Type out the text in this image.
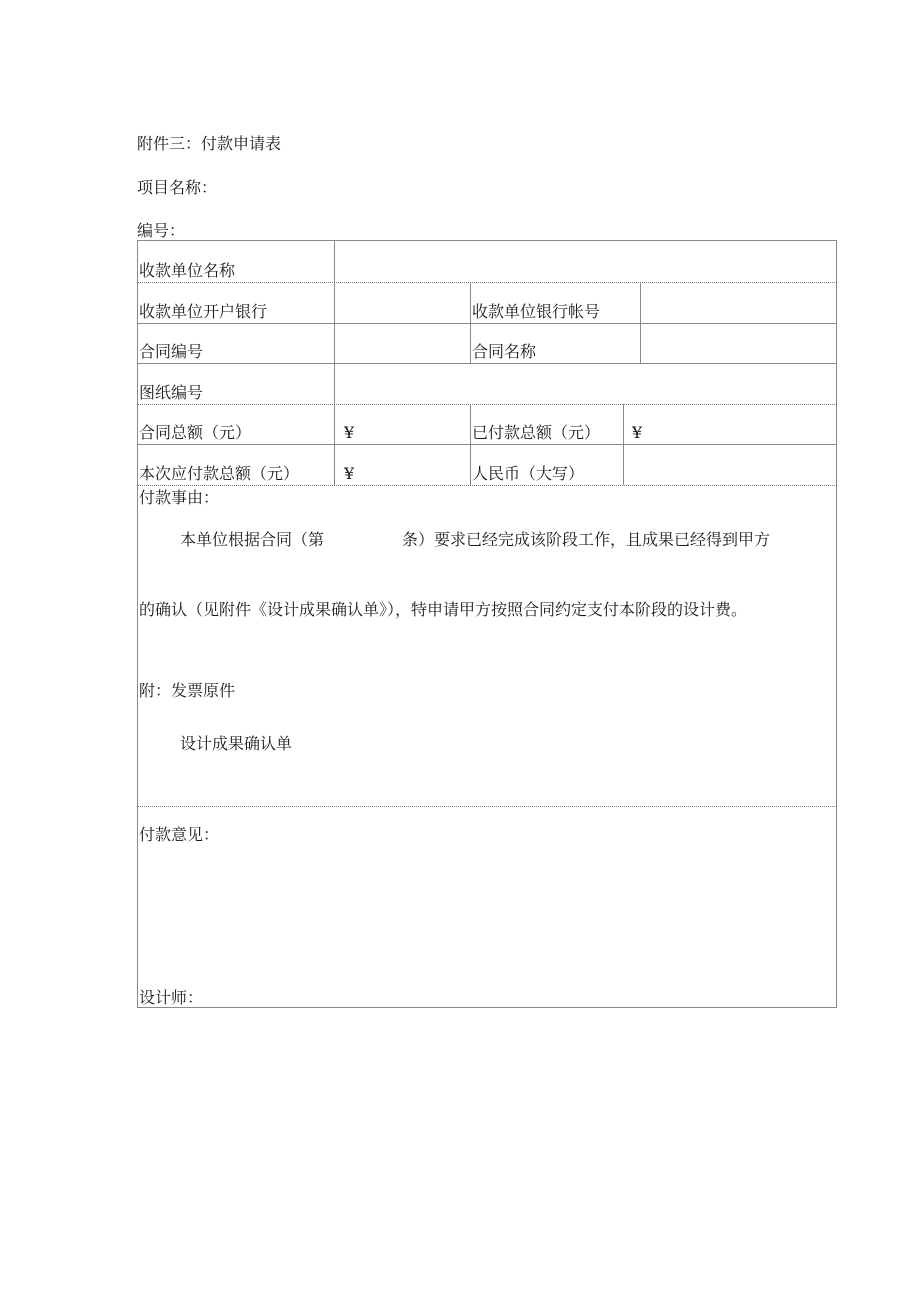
附件三：付款申请表
项目名称：
编号：
收款单位名称
收款单位开户银行	收款单位银行帐号
合同编号	合同名称
图纸编号
合同总额（元）	¥	已付款总额（元） ¥
本次应付款总额（元）	¥	人民币（大写）
付款事由：
本单位根据合同（第	条）要求已经完成该阶段工作，且成果已经得到甲方
的确认（见附件《设计成果确认单》），特申请甲方按照合同约定支付本阶段的设计费。
附：发票原件
设计成果确认单
付款意见：
设计师：
